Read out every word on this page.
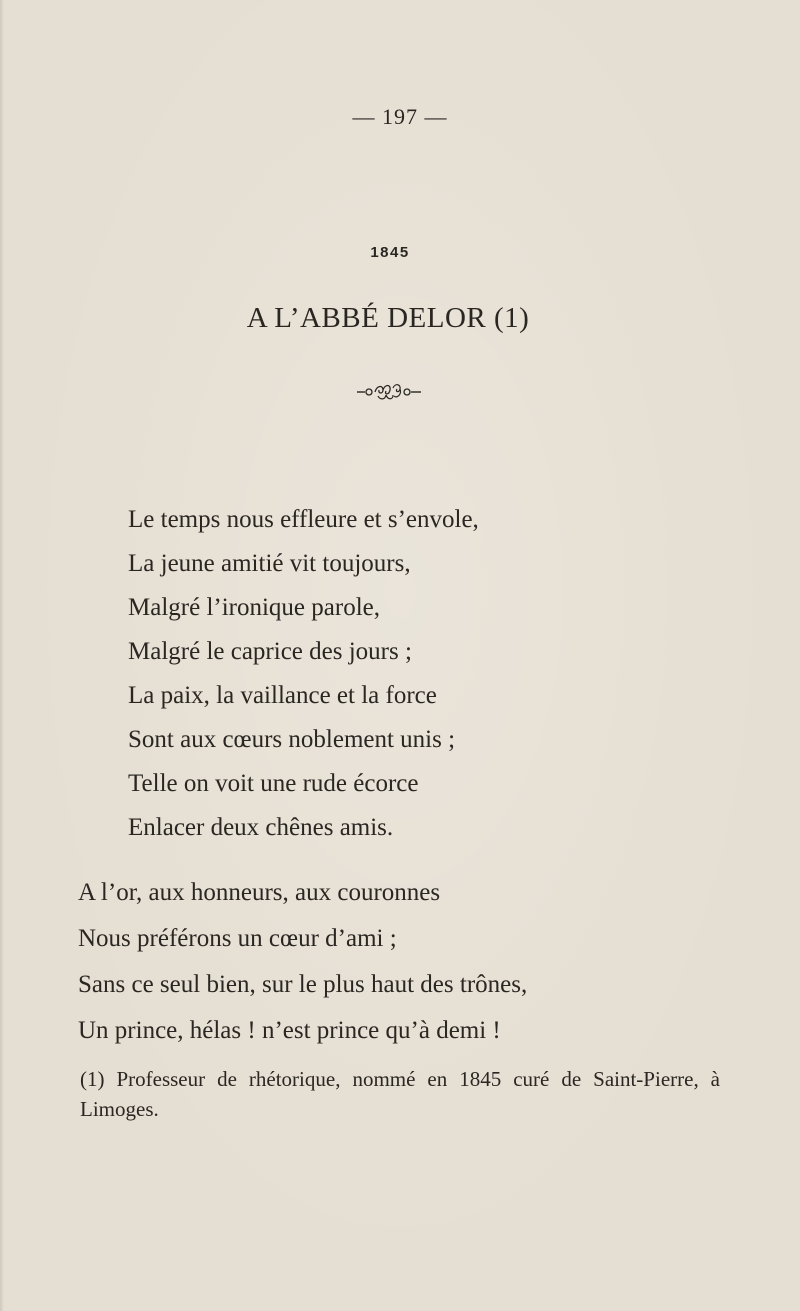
— 197 —
1845
A L’ABBÉ DELOR (1)
Le temps nous effleure et s’envole,
La jeune amitié vit toujours,
Malgré l’ironique parole,
Malgré le caprice des jours ;
La paix, la vaillance et la force
Sont aux cœurs noblement unis ;
Telle on voit une rude écorce
Enlacer deux chênes amis.
A l’or, aux honneurs, aux couronnes
Nous préférons un cœur d’ami ;
Sans ce seul bien, sur le plus haut des trônes,
Un prince, hélas ! n’est prince qu’à demi !
(1) Professeur de rhétorique, nommé en 1845 curé de Saint-Pierre, à Limoges.
